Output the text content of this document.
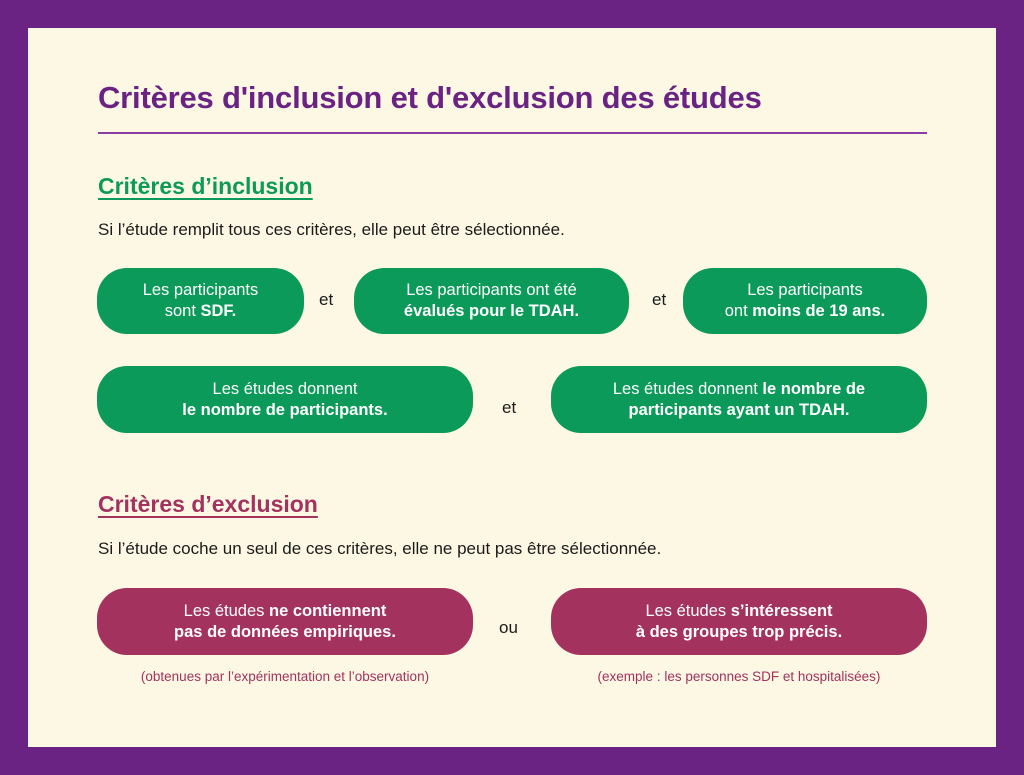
Critères d'inclusion et d'exclusion des études
Critères d’inclusion
Si l’étude remplit tous ces critères, elle peut être sélectionnée.
Les participants
sont SDF.
et	Les participants ont été
évalués pour le TDAH.
et	Les participants
ont moins de 19 ans.
Les études donnent
le nombre de participants.	et
Les études donnent le nombre de
participants ayant un TDAH.
Critères d’exclusion
Si l’étude coche un seul de ces critères, elle ne peut pas être sélectionnée.
Les études ne contiennent
pas de données empiriques.	ou
Les études s’intéressent
à des groupes trop précis.
(obtenues par l’expérimentation et l’observation)	(exemple : les personnes SDF et hospitalisées)
